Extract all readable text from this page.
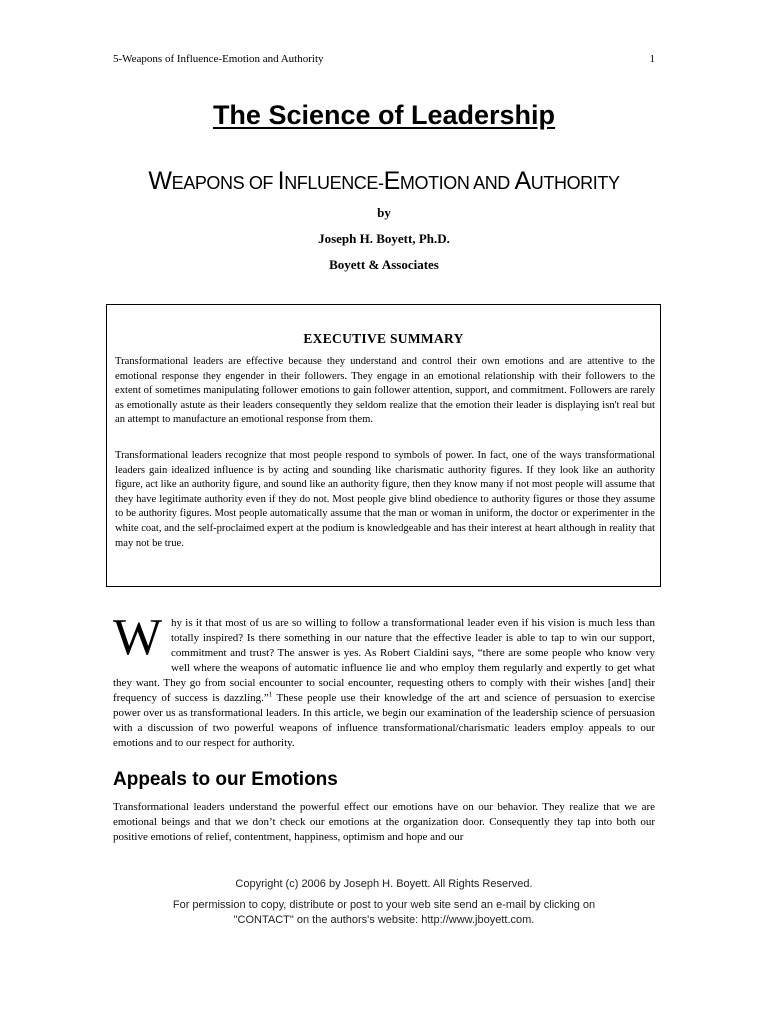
5-Weapons of Influence-Emotion and Authority	1
The Science of Leadership
WEAPONS OF INFLUENCE-EMOTION AND AUTHORITY
by
Joseph H. Boyett, Ph.D.
Boyett & Associates
EXECUTIVE SUMMARY

Transformational leaders are effective because they understand and control their own emotions and are attentive to the emotional response they engender in their followers. They engage in an emotional relationship with their followers to the extent of sometimes manipulating follower emotions to gain follower attention, support, and commitment. Followers are rarely as emotionally astute as their leaders consequently they seldom realize that the emotion their leader is displaying isn't real but an attempt to manufacture an emotional response from them.

Transformational leaders recognize that most people respond to symbols of power. In fact, one of the ways transformational leaders gain idealized influence is by acting and sounding like charismatic authority figures. If they look like an authority figure, act like an authority figure, and sound like an authority figure, then they know many if not most people will assume that they have legitimate authority even if they do not. Most people give blind obedience to authority figures or those they assume to be authority figures. Most people automatically assume that the man or woman in uniform, the doctor or experimenter in the white coat, and the self-proclaimed expert at the podium is knowledgeable and has their interest at heart although in reality that may not be true.

Why is it that most of us are so willing to follow a transformational leader even if his vision is much less than totally inspired? Is there something in our nature that the effective leader is able to tap to win our support, commitment and trust? The answer is yes. As Robert Cialdini says, “there are some people who know very well where the weapons of automatic influence lie and who employ them regularly and expertly to get what they want. They go from social encounter to social encounter, requesting others to comply with their wishes [and] their frequency of success is dazzling.”$^1$ These people use their knowledge of the art and science of persuasion to exercise power over us as transformational leaders. In this article, we begin our examination of the leadership science of persuasion with a discussion of two powerful weapons of influence transformational/charismatic leaders employ appeals to our emotions and to our respect for authority.

Appeals to our Emotions

Transformational leaders understand the powerful effect our emotions have on our behavior. They realize that we are emotional beings and that we don’t check our emotions at the organization door. Consequently they tap into both our positive emotions of relief, contentment, happiness, optimism and hope and our

Copyright (c) 2006 by Joseph H. Boyett. All Rights Reserved.
For permission to copy, distribute or post to your web site send an e-mail by clicking on
"CONTACT" on the authors's website: http://www.jboyett.com.
